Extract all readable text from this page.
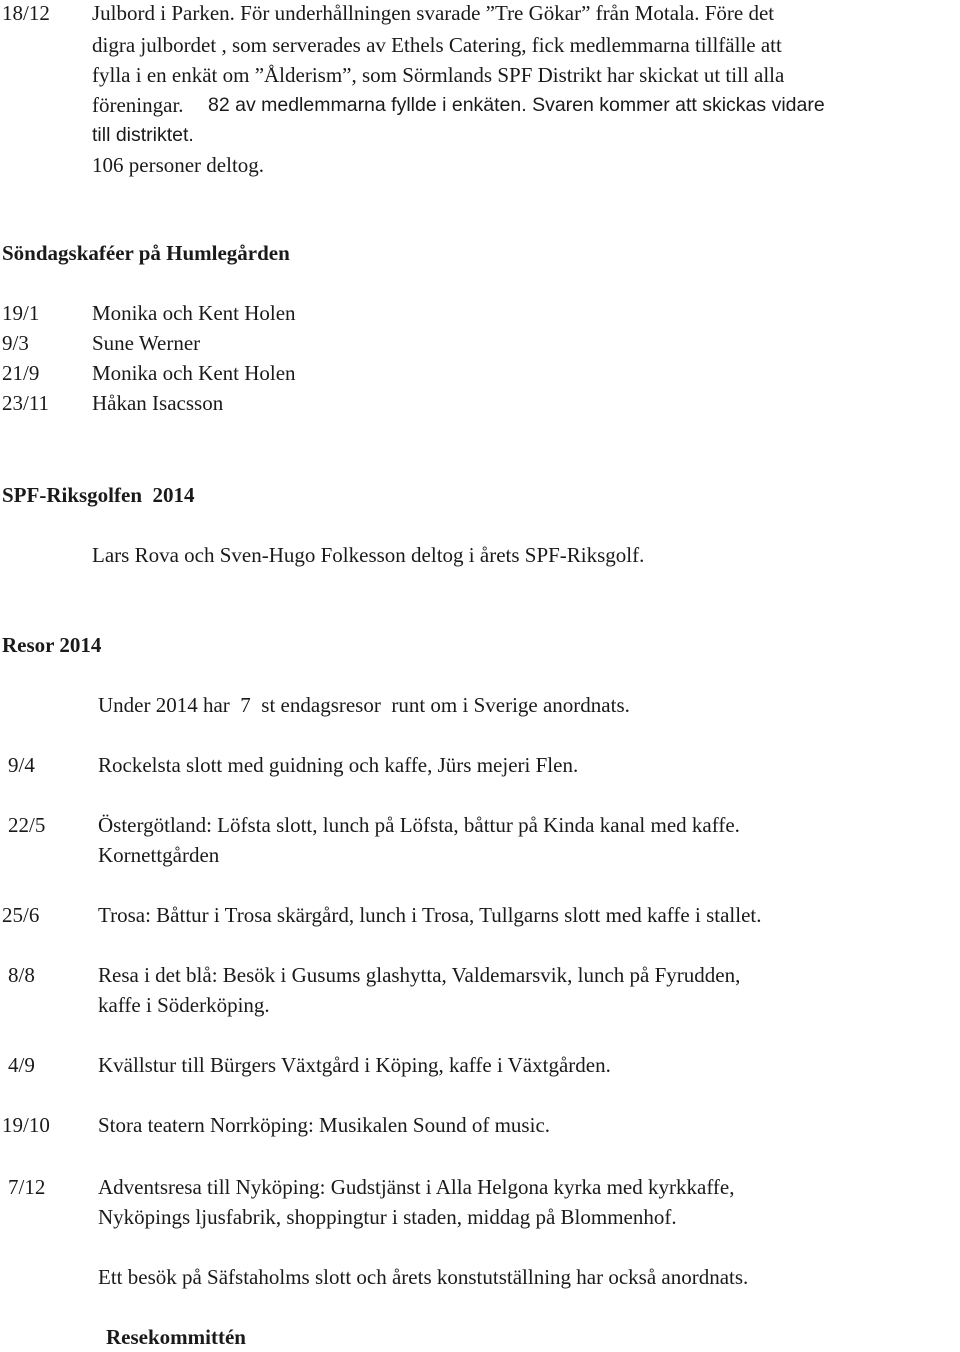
18/12 Julbord i Parken. För underhållningen svarade ”Tre Gökar” från Motala. Före det
digra julbordet , som serverades av Ethels Catering, fick medlemmarna tillfälle att
fylla i en enkät om ”Ålderism”, som Sörmlands SPF Distrikt har skickat ut till alla
föreningar. 82 av medlemmarna fyllde i enkäten. Svaren kommer att skickas vidare
till distriktet.
106 personer deltog.
Söndagskaféer på Humlegården
19/1	Monika och Kent Holen
9/3	Sune Werner
21/9	Monika och Kent Holen
23/11 Håkan Isacsson
SPF-Riksgolfen  2014
Lars Rova och Sven-Hugo Folkesson deltog i årets SPF-Riksgolf.
Resor 2014
Under 2014 har  7  st endagsresor  runt om i Sverige anordnats.
9/4	Rockelsta slott med guidning och kaffe, Jürs mejeri Flen.
22/5	Östergötland: Löfsta slott, lunch på Löfsta, båttur på Kinda kanal med kaffe.
Kornettgården
25/6	Trosa: Båttur i Trosa skärgård, lunch i Trosa, Tullgarns slott med kaffe i stallet.
8/8	Resa i det blå: Besök i Gusums glashytta, Valdemarsvik, lunch på Fyrudden,
kaffe i Söderköping.
4/9	Kvällstur till Bürgers Växtgård i Köping, kaffe i Växtgården.
19/10 Stora teatern Norrköping: Musikalen Sound of music.
7/12	Adventsresa till Nyköping: Gudstjänst i Alla Helgona kyrka med kyrkkaffe,
Nyköpings ljusfabrik, shoppingtur i staden, middag på Blommenhof.
Ett besök på Säfstaholms slott och årets konstutställning har också anordnats.
Resekommittén
